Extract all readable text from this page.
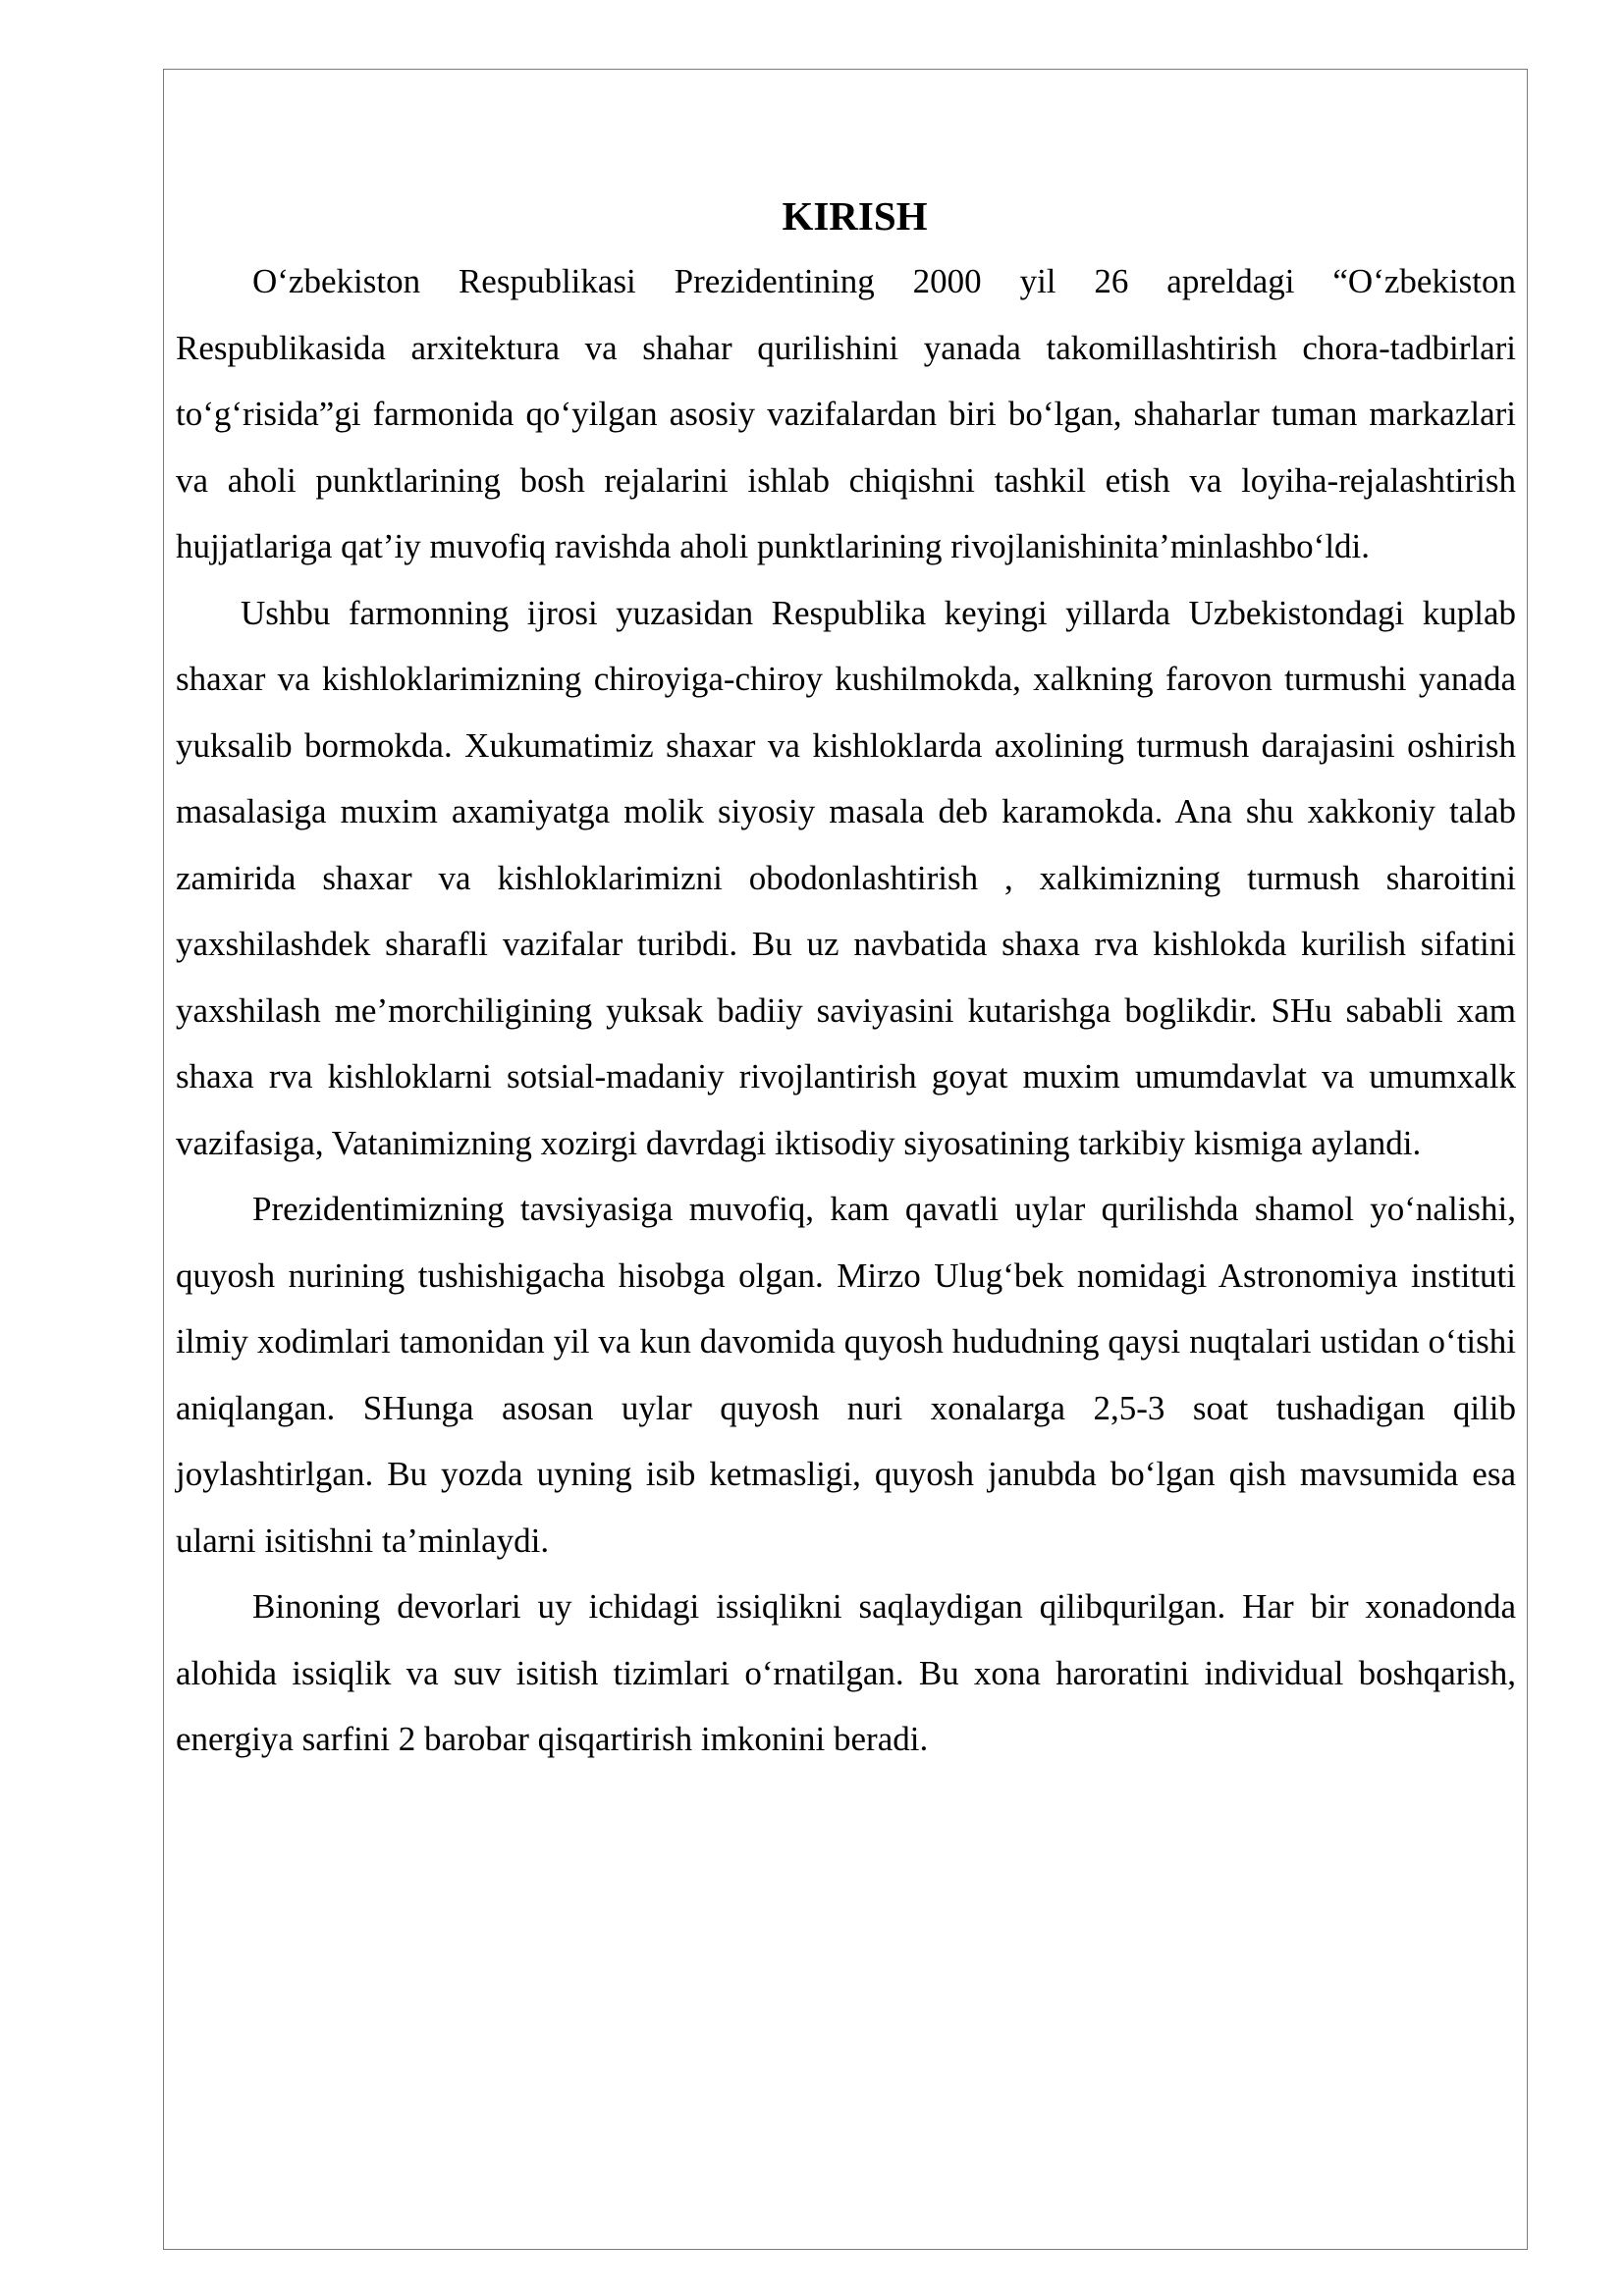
KIRISH

O‘zbekiston Respublikasi Prezidentining 2000 yil 26 apreldagi “O‘zbekiston Respublikasida arxitektura va shahar qurilishini yanada takomillashtirish chora-tadbirlari to‘g‘risida”gi farmonida qo‘yilgan asosiy vazifalardan biri bo‘lgan, shaharlar tuman markazlari va aholi punktlarining bosh rejalarini ishlab chiqishni tashkil etish va loyiha-rejalashtirish hujjatlariga qat’iy muvofiq ravishda aholi punktlarining rivojlanishinita’minlashbo‘ldi.

Ushbu farmonning ijrosi yuzasidan Respublika keyingi yillarda Uzbekistondagi kuplab shaxar va kishloklarimizning chiroyiga-chiroy kushilmokda, xalkning farovon turmushi yanada yuksalib bormokda. Xukumatimiz shaxar va kishloklarda axolining turmush darajasini oshirish masalasiga muxim axamiyatga molik siyosiy masala deb karamokda. Ana shu xakkoniy talab zamirida shaxar va kishloklarimizni obodonlashtirish , xalkimizning turmush sharoitini yaxshilashdek sharafli vazifalar turibdi. Bu uz navbatida shaxa rva kishlokda kurilish sifatini yaxshilash me’morchiligining yuksak badiiy saviyasini kutarishga boglikdir. SHu sababli xam shaxa rva kishloklarni sotsial-madaniy rivojlantirish goyat muxim umumdavlat va umumxalk vazifasiga, Vatanimizning xozirgi davrdagi iktisodiy siyosatining tarkibiy kismiga aylandi.

Prezidentimizning tavsiyasiga muvofiq, kam qavatli uylar qurilishda shamol yo‘nalishi, quyosh nurining tushishigacha hisobga olgan. Mirzo Ulug‘bek nomidagi Astronomiya instituti ilmiy xodimlari tamonidan yil va kun davomida quyosh hududning qaysi nuqtalari ustidan o‘tishi aniqlangan. SHunga asosan uylar quyosh nuri xonalarga 2,5-3 soat tushadigan qilib joylashtirlgan. Bu yozda uyning isib ketmasligi, quyosh janubda bo‘lgan qish mavsumida esa ularni isitishni ta’minlaydi.

Binoning devorlari uy ichidagi issiqlikni saqlaydigan qilibqurilgan. Har bir xonadonda alohida issiqlik va suv isitish tizimlari o‘rnatilgan. Bu xona haroratini individual boshqarish, energiya sarfini 2 barobar qisqartirish imkonini beradi.
